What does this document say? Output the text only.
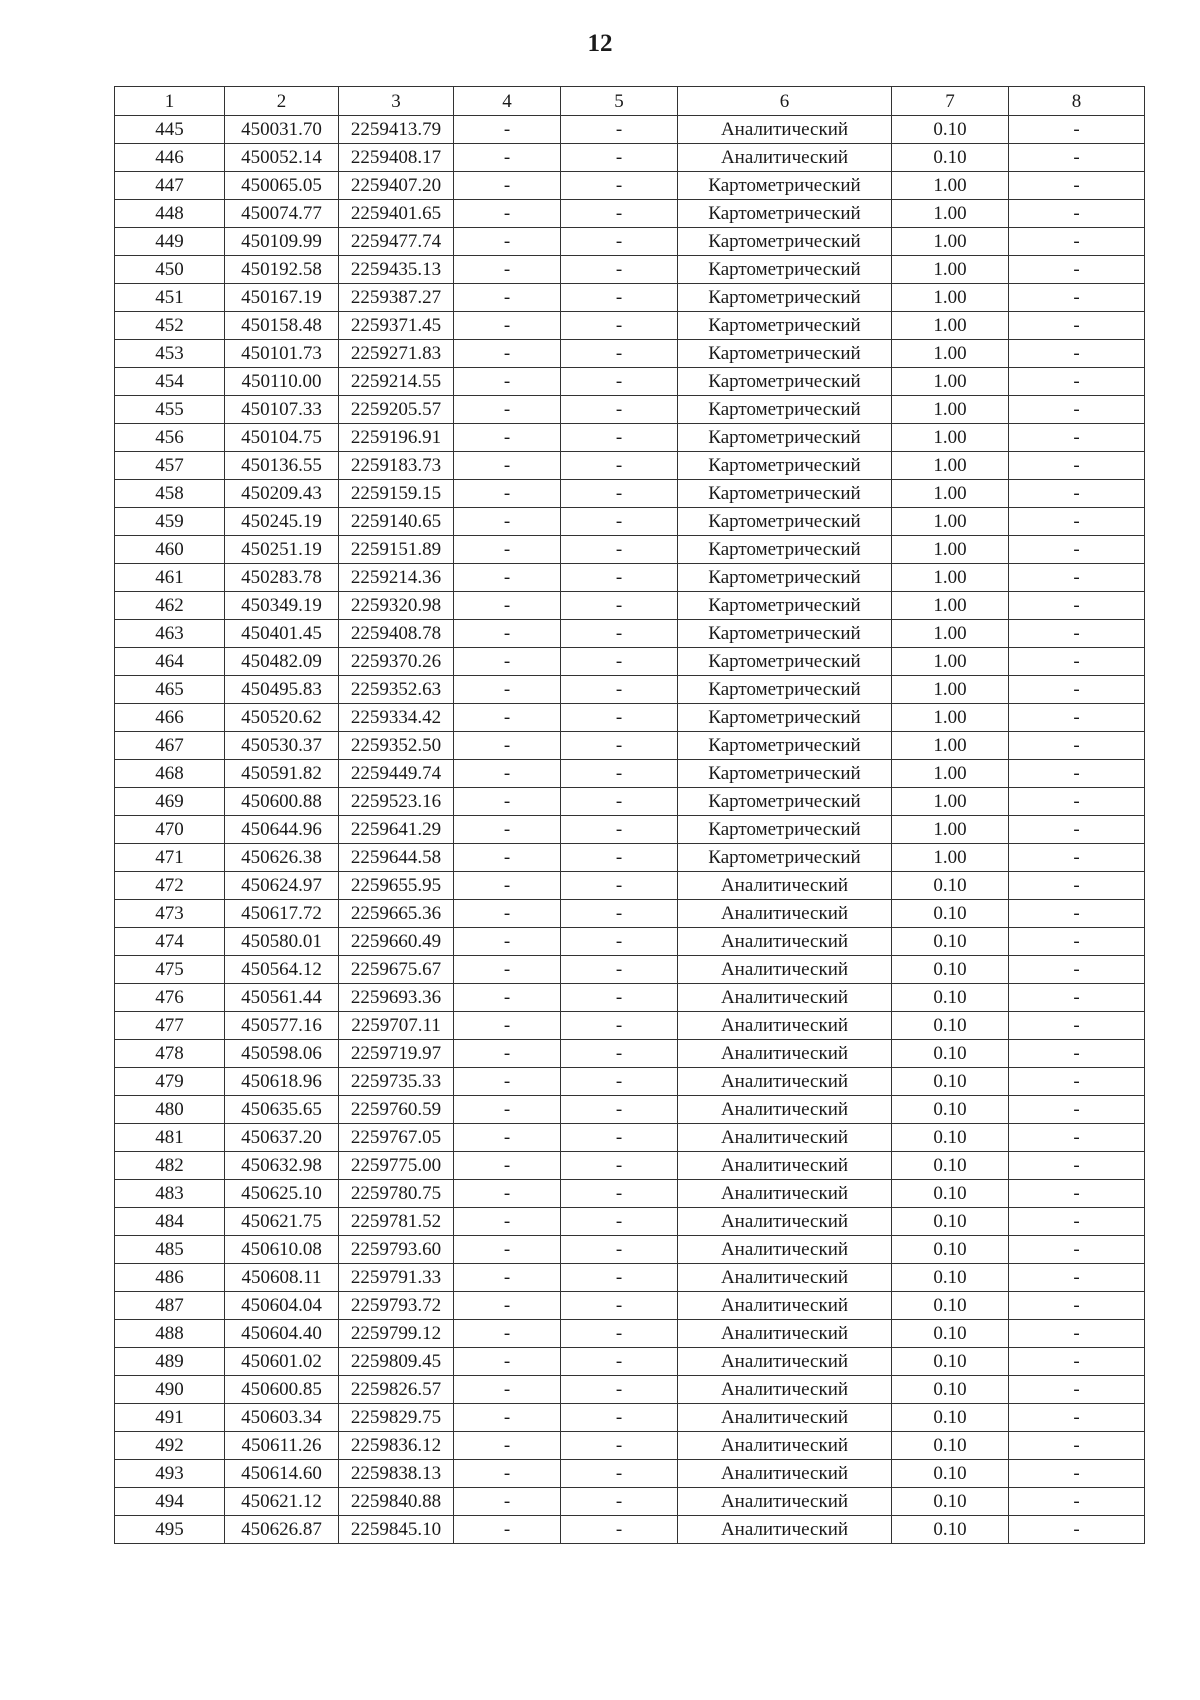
12
1	2	3	4	5	6	7	8
445	450031.70	2259413.79	-	-	Аналитический	0.10	-
446	450052.14	2259408.17	-	-	Аналитический	0.10	-
447	450065.05	2259407.20	-	-	Картометрический	1.00	-
448	450074.77	2259401.65	-	-	Картометрический	1.00	-
449	450109.99	2259477.74	-	-	Картометрический	1.00	-
450	450192.58	2259435.13	-	-	Картометрический	1.00	-
451	450167.19	2259387.27	-	-	Картометрический	1.00	-
452	450158.48	2259371.45	-	-	Картометрический	1.00	-
453	450101.73	2259271.83	-	-	Картометрический	1.00	-
454	450110.00	2259214.55	-	-	Картометрический	1.00	-
455	450107.33	2259205.57	-	-	Картометрический	1.00	-
456	450104.75	2259196.91	-	-	Картометрический	1.00	-
457	450136.55	2259183.73	-	-	Картометрический	1.00	-
458	450209.43	2259159.15	-	-	Картометрический	1.00	-
459	450245.19	2259140.65	-	-	Картометрический	1.00	-
460	450251.19	2259151.89	-	-	Картометрический	1.00	-
461	450283.78	2259214.36	-	-	Картометрический	1.00	-
462	450349.19	2259320.98	-	-	Картометрический	1.00	-
463	450401.45	2259408.78	-	-	Картометрический	1.00	-
464	450482.09	2259370.26	-	-	Картометрический	1.00	-
465	450495.83	2259352.63	-	-	Картометрический	1.00	-
466	450520.62	2259334.42	-	-	Картометрический	1.00	-
467	450530.37	2259352.50	-	-	Картометрический	1.00	-
468	450591.82	2259449.74	-	-	Картометрический	1.00	-
469	450600.88	2259523.16	-	-	Картометрический	1.00	-
470	450644.96	2259641.29	-	-	Картометрический	1.00	-
471	450626.38	2259644.58	-	-	Картометрический	1.00	-
472	450624.97	2259655.95	-	-	Аналитический	0.10	-
473	450617.72	2259665.36	-	-	Аналитический	0.10	-
474	450580.01	2259660.49	-	-	Аналитический	0.10	-
475	450564.12	2259675.67	-	-	Аналитический	0.10	-
476	450561.44	2259693.36	-	-	Аналитический	0.10	-
477	450577.16	2259707.11	-	-	Аналитический	0.10	-
478	450598.06	2259719.97	-	-	Аналитический	0.10	-
479	450618.96	2259735.33	-	-	Аналитический	0.10	-
480	450635.65	2259760.59	-	-	Аналитический	0.10	-
481	450637.20	2259767.05	-	-	Аналитический	0.10	-
482	450632.98	2259775.00	-	-	Аналитический	0.10	-
483	450625.10	2259780.75	-	-	Аналитический	0.10	-
484	450621.75	2259781.52	-	-	Аналитический	0.10	-
485	450610.08	2259793.60	-	-	Аналитический	0.10	-
486	450608.11	2259791.33	-	-	Аналитический	0.10	-
487	450604.04	2259793.72	-	-	Аналитический	0.10	-
488	450604.40	2259799.12	-	-	Аналитический	0.10	-
489	450601.02	2259809.45	-	-	Аналитический	0.10	-
490	450600.85	2259826.57	-	-	Аналитический	0.10	-
491	450603.34	2259829.75	-	-	Аналитический	0.10	-
492	450611.26	2259836.12	-	-	Аналитический	0.10	-
493	450614.60	2259838.13	-	-	Аналитический	0.10	-
494	450621.12	2259840.88	-	-	Аналитический	0.10	-
495	450626.87	2259845.10	-	-	Аналитический	0.10	-
